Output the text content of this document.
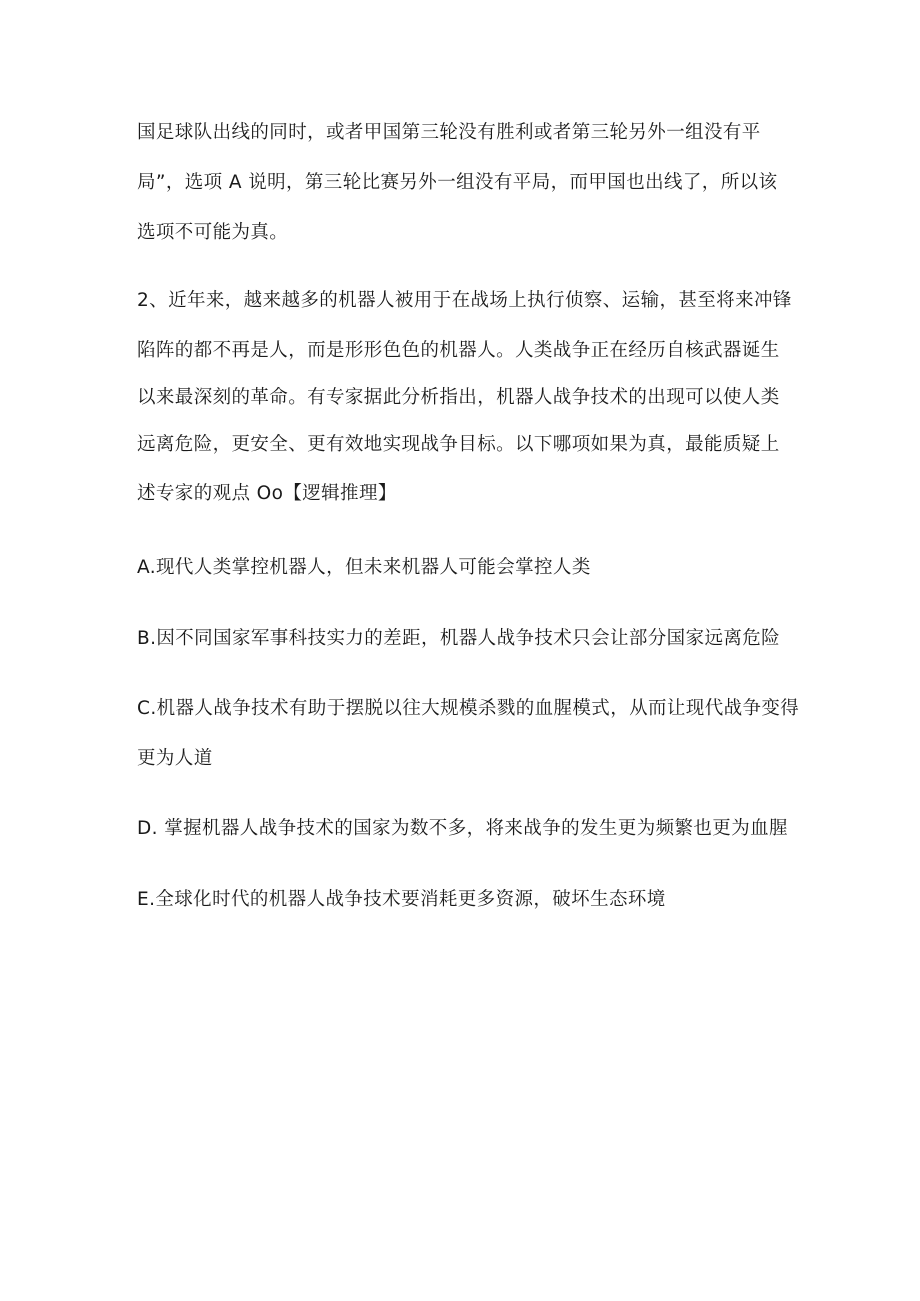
国足球队出线的同时，或者甲国第三轮没有胜利或者第三轮另外一组没有平
局”，选项 A 说明，第三轮比赛另外一组没有平局，而甲国也出线了，所以该
选项不可能为真。
2、近年来，越来越多的机器人被用于在战场上执行侦察、运输，甚至将来冲锋
陷阵的都不再是人，而是形形色色的机器人。人类战争正在经历自核武器诞生
以来最深刻的革命。有专家据此分析指出，机器人战争技术的出现可以使人类
远离危险，更安全、更有效地实现战争目标。以下哪项如果为真，最能质疑上
述专家的观点 Oo【逻辑推理】
A.现代人类掌控机器人，但未来机器人可能会掌控人类
B.因不同国家军事科技实力的差距，机器人战争技术只会让部分国家远离危险
C.机器人战争技术有助于摆脱以往大规模杀戮的血腥模式，从而让现代战争变得
更为人道
D. 掌握机器人战争技术的国家为数不多，将来战争的发生更为频繁也更为血腥
E.全球化时代的机器人战争技术要消耗更多资源，破坏生态环境
